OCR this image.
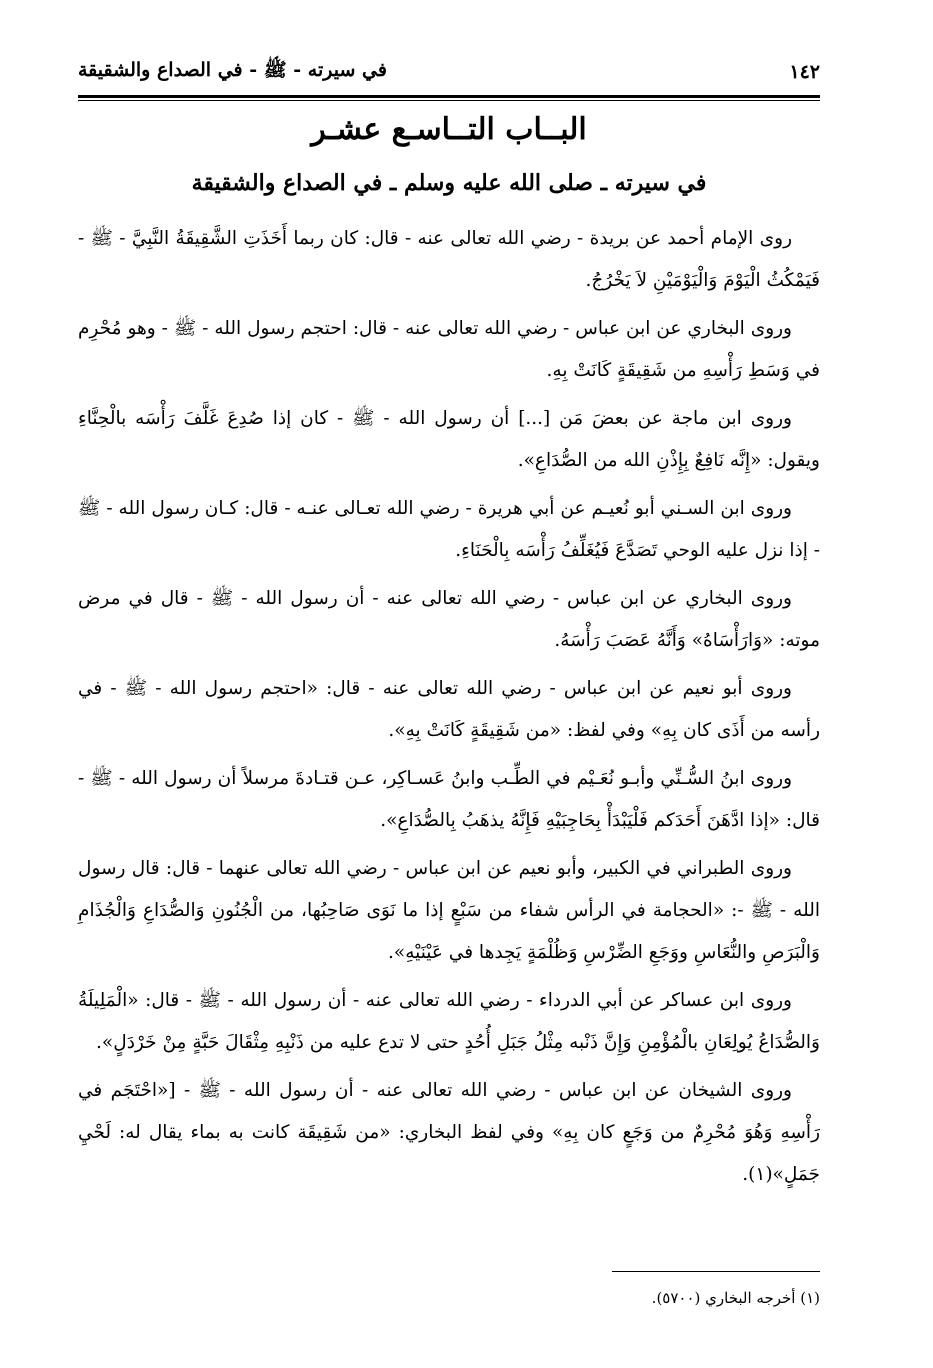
١٤٢
في سيرته - ﷺ - في الصداع والشقيقة
البــاب التــاسـع عشـر
في سيرته ـ صلى الله عليه وسلم ـ في الصداع والشقيقة

روى الإمام أحمد عن بريدة - رضي الله تعالى عنه - قال: كان ربما أَخَذَتِ الشَّقِيقَةُ النَّبِيَّ - ﷺ - فَيَمْكُثُ الْيَوْمَ وَالْيَوْمَيْنِ لاَ يَخْرُجُ.

وروى البخاري عن ابن عباس - رضي الله تعالى عنه - قال: احتجم رسول الله - ﷺ - وهو مُحْرِم في وَسَطِ رَأْسِهِ من شَقِيقَةٍ كَانَتْ بِهِ.

وروى ابن ماجة عن بعضَ مَن [...] أن رسول الله - ﷺ - كان إذا صُدِعَ غَلَّفَ رَأْسَه بالْحِنَّاءِ ويقول: «إِنَّه نَافِعٌ بِإِذْنِ الله من الصُّدَاعِ».

وروى ابن السـني أبو نُعيـم عن أبي هريرة - رضي الله تعـالى عنـه - قال: كـان رسول الله - ﷺ - إذا نزل عليه الوحي تَصَدَّعَ فَيُغَلِّفُ رَأْسَه بِالْحَنَاءِ.

وروى البخاري عن ابن عباس - رضي الله تعالى عنه - أن رسول الله - ﷺ - قال في مرض موته: «وَارَأْسَاهُ» وَأَنَّهُ عَصَبَ رَأْسَهُ.

وروى أبو نعيم عن ابن عباس - رضي الله تعالى عنه - قال: «احتجم رسول الله - ﷺ - في رأسه من أَذَى كان بِهِ» وفي لفظ: «من شَقِيقَةٍ كَانَتْ بِهِ».

وروى ابنُ السُّـنِّي وأبـو نُعَـيْم في الطِّـب وابنُ عَسـاكِر، عـن قتـادةَ مرسلاً أن رسول الله - ﷺ - قال: «إذا ادَّهَنَ أَحَدَكم فَلْيَبْدَأْ بِحَاجِبَيْهِ فَإِنَّهُ يذهَبُ بِالصُّدَاعِ».

وروى الطبراني في الكبير، وأبو نعيم عن ابن عباس - رضي الله تعالى عنهما - قال: قال رسول الله - ﷺ -: «الحجامة في الرأس شفاء من سَبْعٍ إذا ما نَوَى صَاحِبُها، من الْجُنُونِ وَالصُّدَاعِ وَالْجُذَامِ وَالْبَرَصِ والنُّعَاسِ ووَجَعِ الضِّرْسِ وَظُلْمَةٍ يَجِدها في عَيْنَيْهِ».

وروى ابن عساكر عن أبي الدرداء - رضي الله تعالى عنه - أن رسول الله - ﷺ - قال: «الْمَلِيلَةُ وَالصُّدَاعُ يُولِعَانِ بالْمُؤْمِنِ وَإِنَّ ذَنْبه مِثْلُ جَبَلِ أُحُدٍ حتى لا تدع عليه من ذَنْبِهِ مِثْقَالَ حَبَّةٍ مِنْ خَرْدَلٍ».

وروى الشيخان عن ابن عباس - رضي الله تعالى عنه - أن رسول الله - ﷺ - [«احْتَجَم في رَأْسِهِ وَهُوَ مُحْرِمٌ من وَجَعٍ كان بِهِ» وفي لفظ البخاري: «من شَقِيقَة كانت به بماء يقال له: لَحْيِ جَمَلٍ»(١).

(١) أخرجه البخاري (٥٧٠٠).
